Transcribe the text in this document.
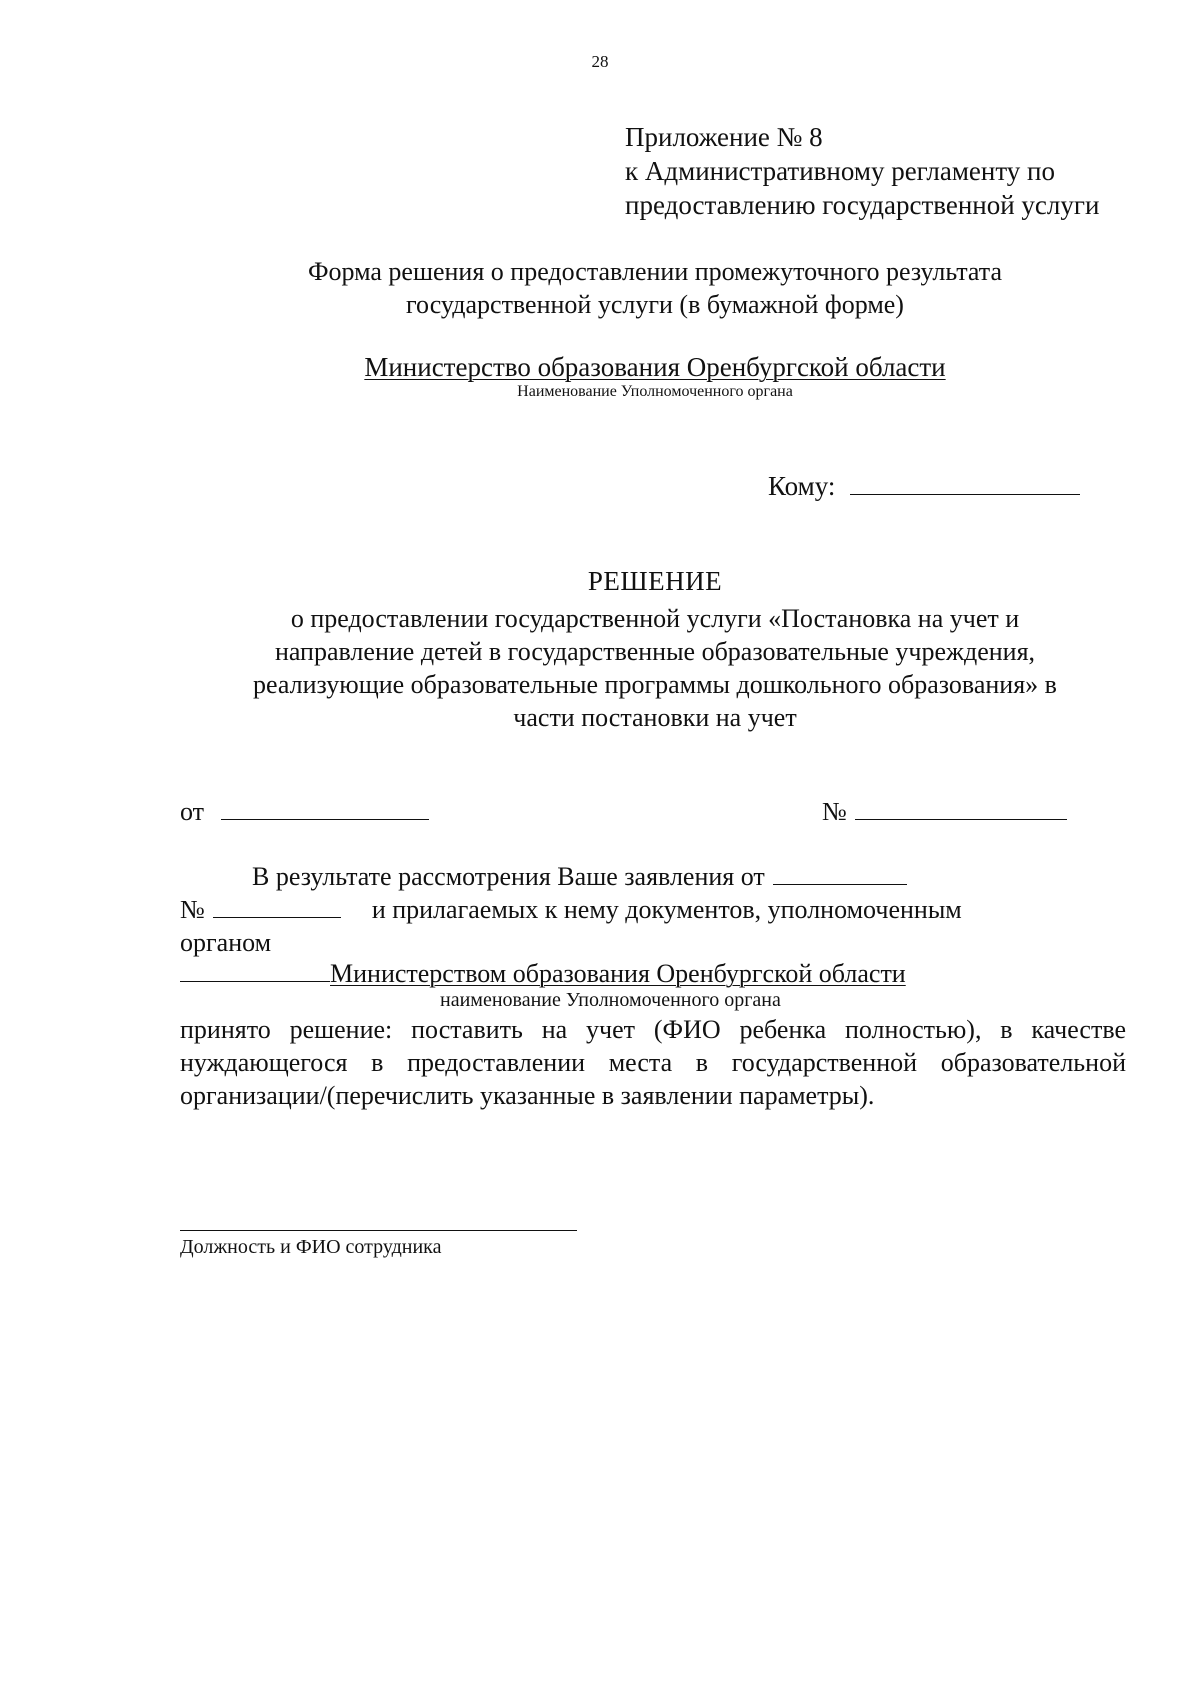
28
Приложение № 8
к Административному регламенту по
предоставлению государственной услуги
Форма решения о предоставлении промежуточного результата
государственной услуги (в бумажной форме)
Министерство образования Оренбургской области
Наименование Уполномоченного органа
Кому:
РЕШЕНИЕ
о предоставлении государственной услуги «Постановка на учет и
направление детей в государственные образовательные учреждения,
реализующие образовательные программы дошкольного образования» в
части постановки на учет
от	№
В результате рассмотрения Ваше заявления от
№	и прилагаемых к нему документов, уполномоченным
органом
Министерством образования Оренбургской области
наименование Уполномоченного органа
принято решение: поставить на учет (ФИО ребенка полностью), в качестве нуждающегося в предоставлении места в государственной образовательной организации/(перечислить указанные в заявлении параметры).
Должность и ФИО сотрудника
